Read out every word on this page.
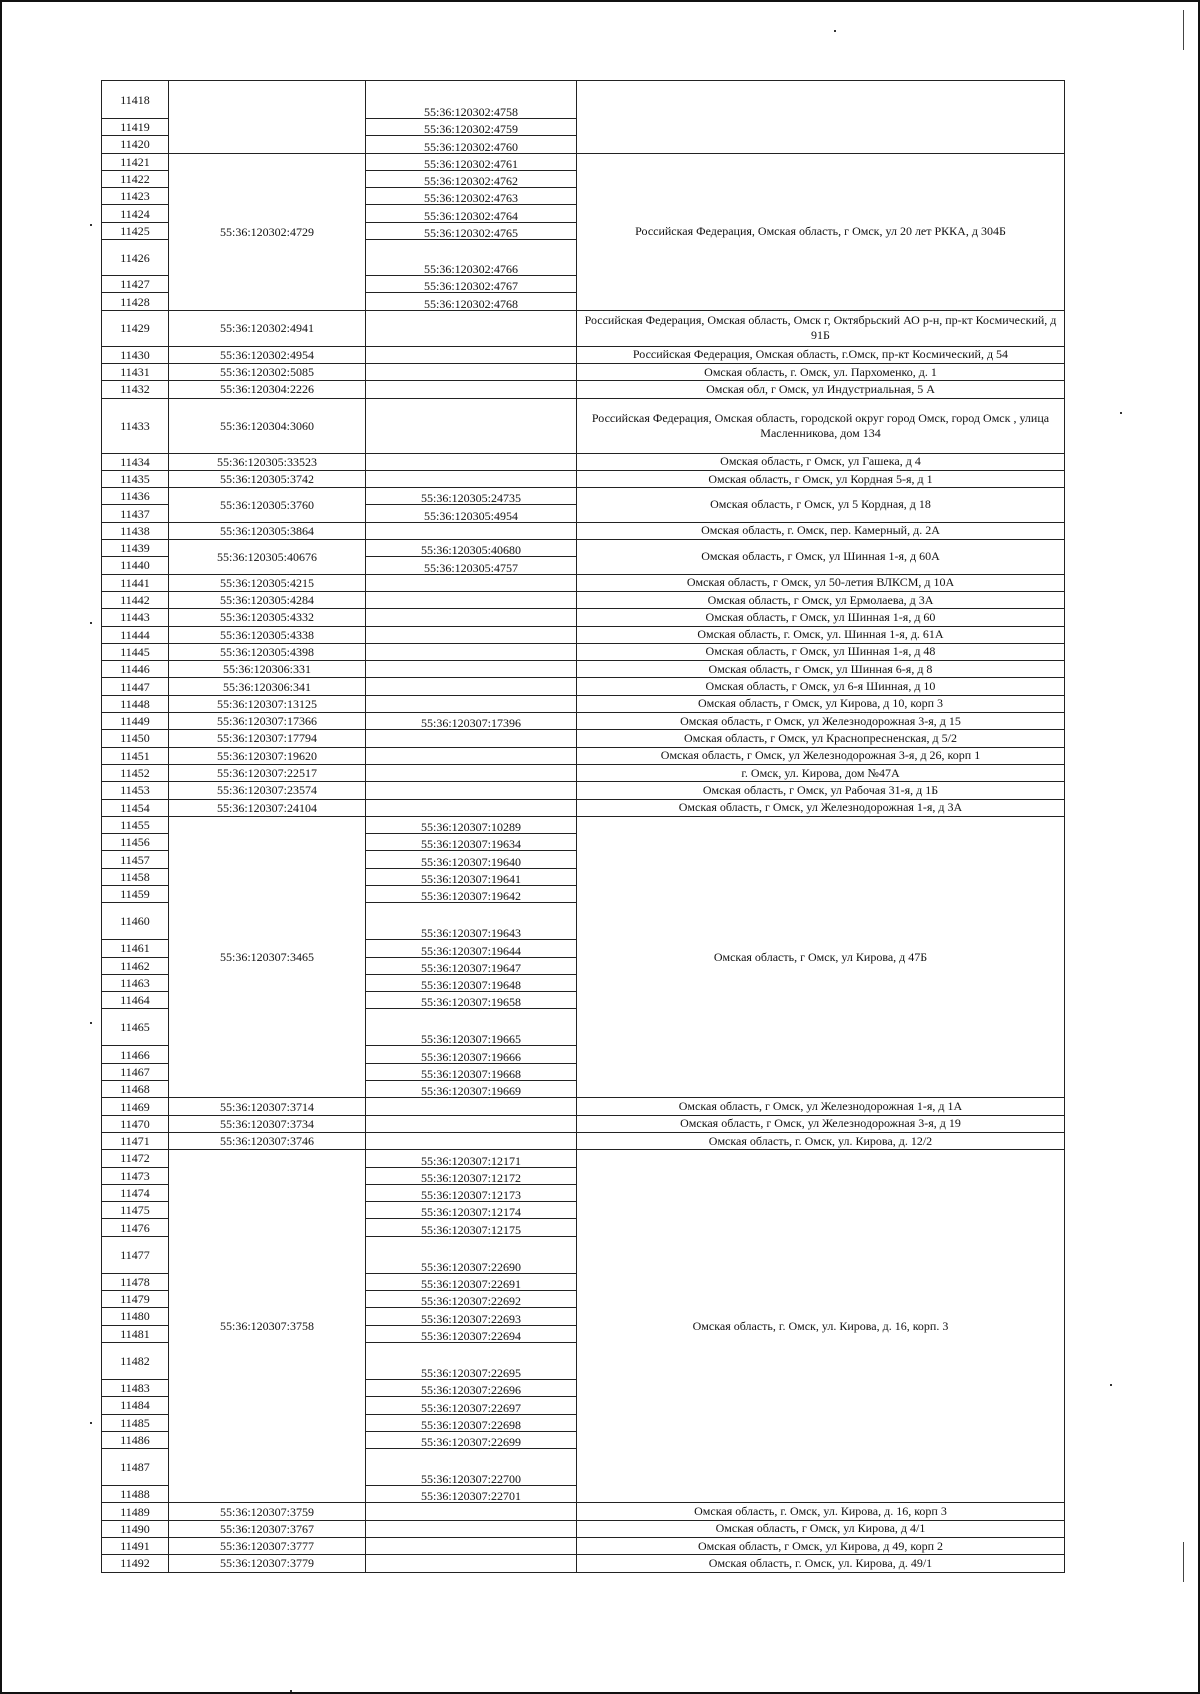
11418		55:36:120302:4758	
11419		55:36:120302:4759	
11420		55:36:120302:4760	
11421	55:36:120302:4729	55:36:120302:4761	Российская Федерация, Омская область, г Омск, ул 20 лет РККА, д 304Б
11422		55:36:120302:4762	
11423		55:36:120302:4763	
11424		55:36:120302:4764	
11425		55:36:120302:4765	
11426		55:36:120302:4766	
11427		55:36:120302:4767	
11428		55:36:120302:4768	
11429	55:36:120302:4941		Российская Федерация, Омская область, Омск г, Октябрьский АО р-н, пр-кт Космический, д 91Б
11430	55:36:120302:4954		Российская Федерация, Омская область, г.Омск, пр-кт Космический, д 54
11431	55:36:120302:5085		Омская область, г. Омск, ул. Пархоменко, д. 1
11432	55:36:120304:2226		Омская обл, г Омск, ул Индустриальная, 5 А
11433	55:36:120304:3060		Российская Федерация, Омская область, городской округ город Омск, город Омск , улица Масленникова, дом 134
11434	55:36:120305:33523		Омская область, г Омск, ул Гашека, д 4
11435	55:36:120305:3742		Омская область, г Омск, ул Кордная 5-я, д 1
11436	55:36:120305:3760	55:36:120305:24735	Омская область, г Омск, ул 5 Кордная, д 18
11437		55:36:120305:4954	
11438	55:36:120305:3864		Омская область, г. Омск, пер. Камерный, д. 2А
11439	55:36:120305:40676	55:36:120305:40680	Омская область, г Омск, ул Шинная 1-я, д 60А
11440		55:36:120305:4757	
11441	55:36:120305:4215		Омская область, г Омск, ул 50-летия ВЛКСМ, д 10А
11442	55:36:120305:4284		Омская область, г Омск, ул Ермолаева, д 3А
11443	55:36:120305:4332		Омская область, г Омск, ул Шинная 1-я, д 60
11444	55:36:120305:4338		Омская область, г. Омск, ул. Шинная 1-я, д. 61А
11445	55:36:120305:4398		Омская область, г Омск, ул Шинная 1-я, д 48
11446	55:36:120306:331		Омская область, г Омск, ул Шинная 6-я, д 8
11447	55:36:120306:341		Омская область, г Омск, ул 6-я Шинная, д 10
11448	55:36:120307:13125		Омская область, г Омск, ул Кирова, д 10, корп 3
11449	55:36:120307:17366	55:36:120307:17396	Омская область, г Омск, ул Железнодорожная 3-я, д 15
11450	55:36:120307:17794		Омская область, г Омск, ул Краснопресненская, д 5/2
11451	55:36:120307:19620		Омская область, г Омск, ул Железнодорожная 3-я, д 26, корп 1
11452	55:36:120307:22517		г. Омск, ул. Кирова, дом №47А
11453	55:36:120307:23574		Омская область, г Омск, ул Рабочая 31-я, д 1Б
11454	55:36:120307:24104		Омская область, г Омск, ул Железнодорожная 1-я, д 3А
11455	55:36:120307:3465	55:36:120307:10289	Омская область, г Омск, ул Кирова, д 47Б
11456		55:36:120307:19634	
11457		55:36:120307:19640	
11458		55:36:120307:19641	
11459		55:36:120307:19642	
11460		55:36:120307:19643	
11461		55:36:120307:19644	
11462		55:36:120307:19647	
11463		55:36:120307:19648	
11464		55:36:120307:19658	
11465		55:36:120307:19665	
11466		55:36:120307:19666	
11467		55:36:120307:19668	
11468		55:36:120307:19669	
11469	55:36:120307:3714		Омская область, г Омск, ул Железнодорожная 1-я, д 1А
11470	55:36:120307:3734		Омская область, г Омск, ул Железнодорожная 3-я, д 19
11471	55:36:120307:3746		Омская область, г. Омск, ул. Кирова, д. 12/2
11472	55:36:120307:3758	55:36:120307:12171	Омская область, г. Омск, ул. Кирова, д. 16, корп. 3
11473		55:36:120307:12172	
11474		55:36:120307:12173	
11475		55:36:120307:12174	
11476		55:36:120307:12175	
11477		55:36:120307:22690	
11478		55:36:120307:22691	
11479		55:36:120307:22692	
11480		55:36:120307:22693	
11481		55:36:120307:22694	
11482		55:36:120307:22695	
11483		55:36:120307:22696	
11484		55:36:120307:22697	
11485		55:36:120307:22698	
11486		55:36:120307:22699	
11487		55:36:120307:22700	
11488		55:36:120307:22701	
11489	55:36:120307:3759		Омская область, г. Омск, ул. Кирова, д. 16, корп 3
11490	55:36:120307:3767		Омская область, г Омск, ул Кирова, д 4/1
11491	55:36:120307:3777		Омская область, г Омск, ул Кирова, д 49, корп 2
11492	55:36:120307:3779		Омская область, г. Омск, ул. Кирова, д. 49/1
